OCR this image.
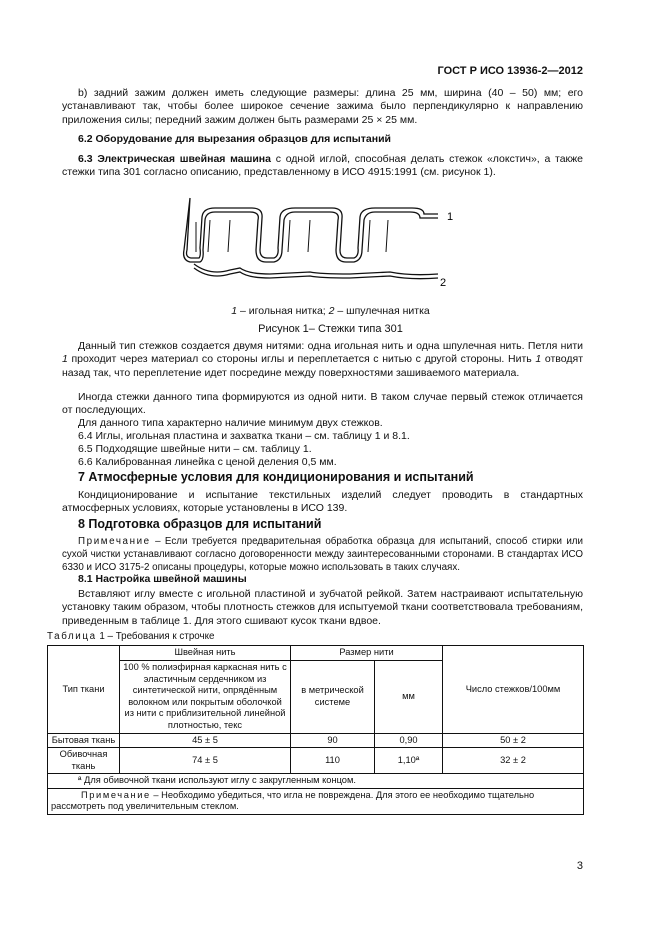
ГОСТ Р ИСО 13936-2—2012
b) задний зажим должен иметь следующие размеры: длина 25 мм, ширина (40 – 50) мм; его устанавливают так, чтобы более широкое сечение зажима было перпендикулярно к направлению приложения силы; передний зажим должен быть размерами 25 × 25 мм.
6.2 Оборудование для вырезания образцов для испытаний
6.3 Электрическая швейная машина с одной иглой, способная делать стежок «локстич», а также стежки типа 301 согласно описанию, представленному в ИСО 4915:1991 (см. рисунок 1).
1
2
1 – игольная нитка; 2 – шпулечная нитка
Рисунок 1– Стежки типа 301
Данный тип стежков создается двумя нитями: одна игольная нить и одна шпулечная нить. Петля нити 1 проходит через материал со стороны иглы и переплетается с нитью с другой стороны. Нить 1 отводят назад так, что переплетение идет посредине между поверхностями зашиваемого материала.
Иногда стежки данного типа формируются из одной нити. В таком случае первый стежок отличается от последующих.
Для данного типа характерно наличие минимум двух стежков.
6.4 Иглы, игольная пластина и захватка ткани – см. таблицу 1 и 8.1.
6.5 Подходящие швейные нити – см. таблицу 1.
6.6 Калиброванная линейка с ценой деления 0,5 мм.
7 Атмосферные условия для кондиционирования и испытаний
Кондиционирование и испытание текстильных изделий следует проводить в стандартных атмосферных условиях, которые установлены в ИСО 139.
8 Подготовка образцов для испытаний
Примечание – Если требуется предварительная обработка образца для испытаний, способ стирки или сухой чистки устанавливают согласно договоренности между заинтересованными сторонами. В стандартах ИСО 6330 и ИСО 3175-2 описаны процедуры, которые можно использовать в таких случаях.
8.1 Настройка швейной машины
Вставляют иглу вместе с игольной пластиной и зубчатой рейкой. Затем настраивают испытательную установку таким образом, чтобы плотность стежков для испытуемой ткани соответствовала требованиям, приведенным в таблице 1. Для этого сшивают кусок ткани вдвое.
Таблица 1 – Требования к строчке
Тип ткани	Швейная нить	Размер нити		Число стежков/100мм
	100 % полиэфирная каркасная нить с эластичным сердечником из синтетической нити, опрядённым волокном или покрытым оболочкой из нити с приблизительной линейной плотностью, текс	в метрической системе	мм	
Бытовая ткань	45 ± 5	90	0,90	50 ± 2
Обивочная ткань	74 ± 5	110	1,10ª	32 ± 2
ª Для обивочной ткани используют иглу с закругленным концом.				
Примечание – Необходимо убедиться, что игла не повреждена. Для этого ее необходимо тщательно рассмотреть под увеличительным стеклом.				
3
